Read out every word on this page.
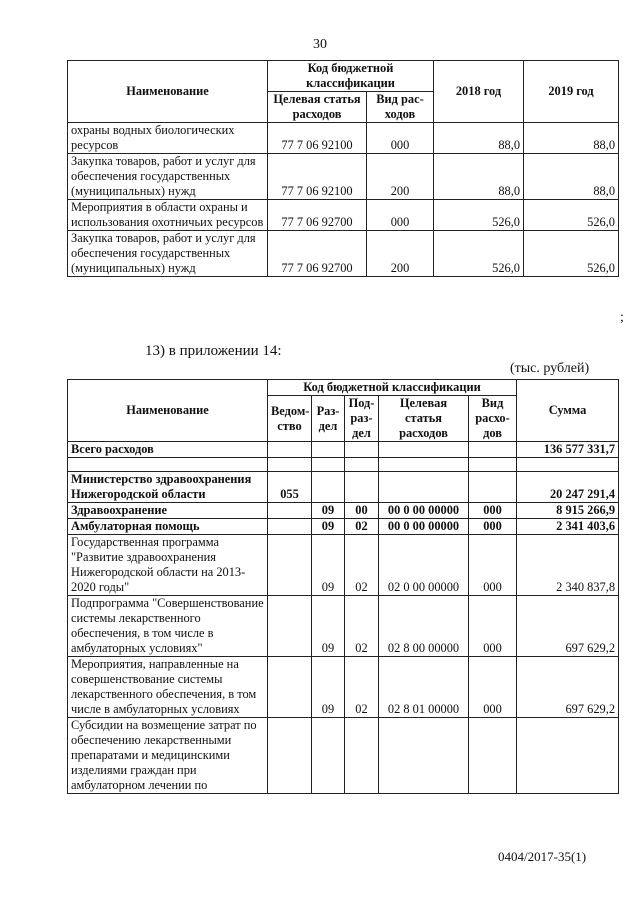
30
Наименование	Код бюджетной классификации		2018 год	2019 год
	Целевая статья расходов	Вид рас-ходов		
охраны водных биологических ресурсов	77 7 06 92100	000	88,0	88,0
Закупка товаров, работ и услуг для обеспечения государственных (муниципальных) нужд	77 7 06 92100	200	88,0	88,0
Мероприятия в области охраны и использования охотничьих ресурсов	77 7 06 92700	000	526,0	526,0
Закупка товаров, работ и услуг для обеспечения государственных (муниципальных) нужд	77 7 06 92700	200	526,0	526,0
;
13) в приложении 14:
(тыс. рублей)
Наименование	Код бюджетной классификации					Сумма
	Ведом-ство	Раз-дел	Под-раз-дел	Целевая статья расходов	Вид расхо-дов	
Всего расходов						136 577 331,7

Министерство здравоохранения Нижегородской области	055					20 247 291,4
Здравоохранение		09	00	00 0 00 00000	000	8 915 266,9
Амбулаторная помощь		09	02	00 0 00 00000	000	2 341 403,6
Государственная программа "Развитие здравоохранения Нижегородской области на 2013-2020 годы"		09	02	02 0 00 00000	000	2 340 837,8
Подпрограмма "Совершенствование системы лекарственного обеспечения, в том числе в амбулаторных условиях"		09	02	02 8 00 00000	000	697 629,2
Мероприятия, направленные на совершенствование системы лекарственного обеспечения, в том числе в амбулаторных условиях		09	02	02 8 01 00000	000	697 629,2
Субсидии на возмещение затрат по обеспечению лекарственными препаратами и медицинскими изделиями граждан при амбулаторном лечении по						
0404/2017-35(1)
